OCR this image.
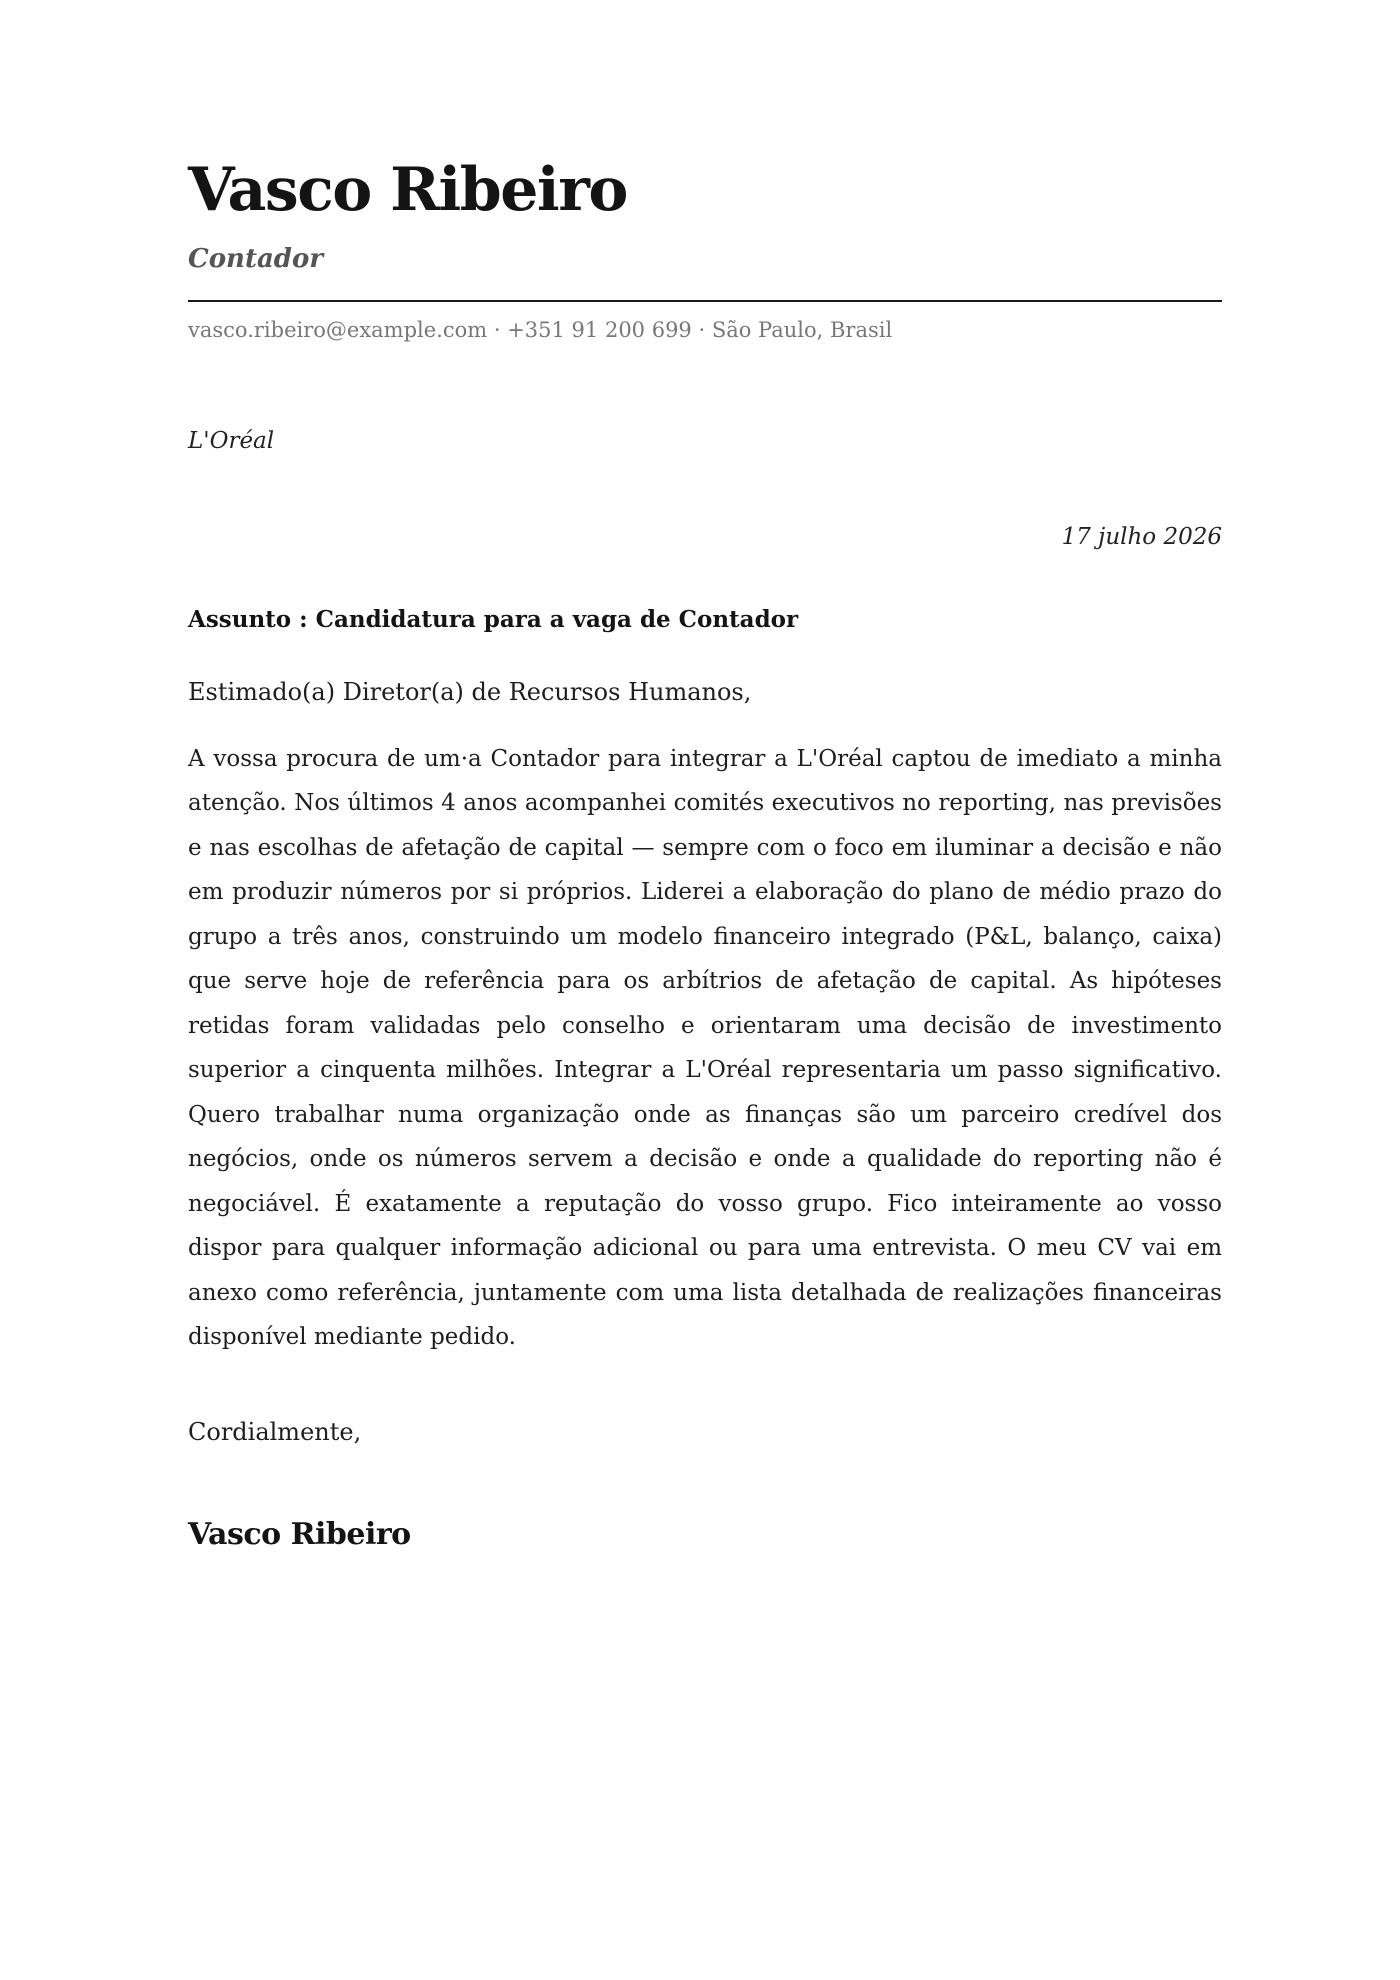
Vasco Ribeiro
Contador
vasco.ribeiro@example.com · +351 91 200 699 · São Paulo, Brasil
L'Oréal
17 julho 2026
Assunto : Candidatura para a vaga de Contador
Estimado(a) Diretor(a) de Recursos Humanos,

A vossa procura de um·a Contador para integrar a L'Oréal captou de imediato a minha atenção. Nos últimos 4 anos acompanhei comités executivos no reporting, nas previsões e nas escolhas de afetação de capital — sempre com o foco em iluminar a decisão e não em produzir números por si próprios. Liderei a elaboração do plano de médio prazo do grupo a três anos, construindo um modelo financeiro integrado (P&L, balanço, caixa) que serve hoje de referência para os arbítrios de afetação de capital. As hipóteses retidas foram validadas pelo conselho e orientaram uma decisão de investimento superior a cinquenta milhões. Integrar a L'Oréal representaria um passo significativo. Quero trabalhar numa organização onde as finanças são um parceiro credível dos negócios, onde os números servem a decisão e onde a qualidade do reporting não é negociável. É exatamente a reputação do vosso grupo. Fico inteiramente ao vosso dispor para qualquer informação adicional ou para uma entrevista. O meu CV vai em anexo como referência, juntamente com uma lista detalhada de realizações financeiras disponível mediante pedido.

Cordialmente,
Vasco Ribeiro
